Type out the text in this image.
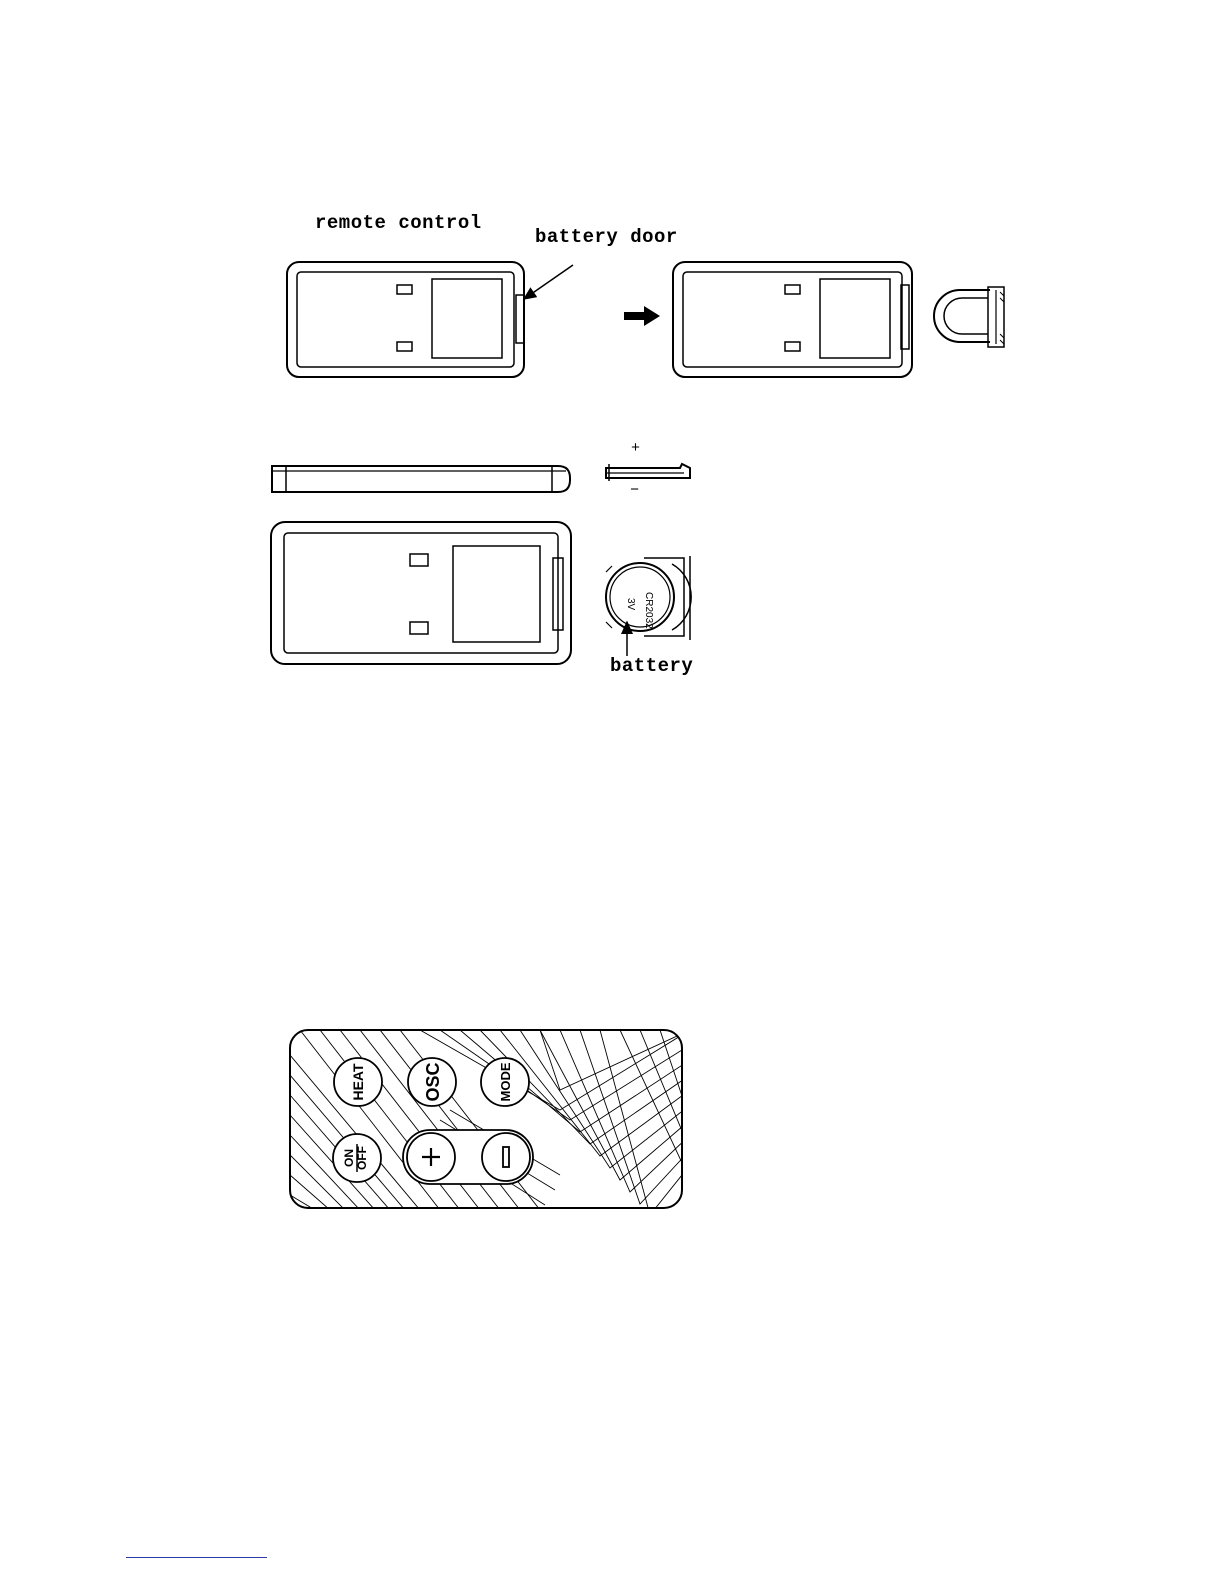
remote control
battery door
battery
+
−
CR2032
3V
HEAT	OSC	MODE
ON OFF
